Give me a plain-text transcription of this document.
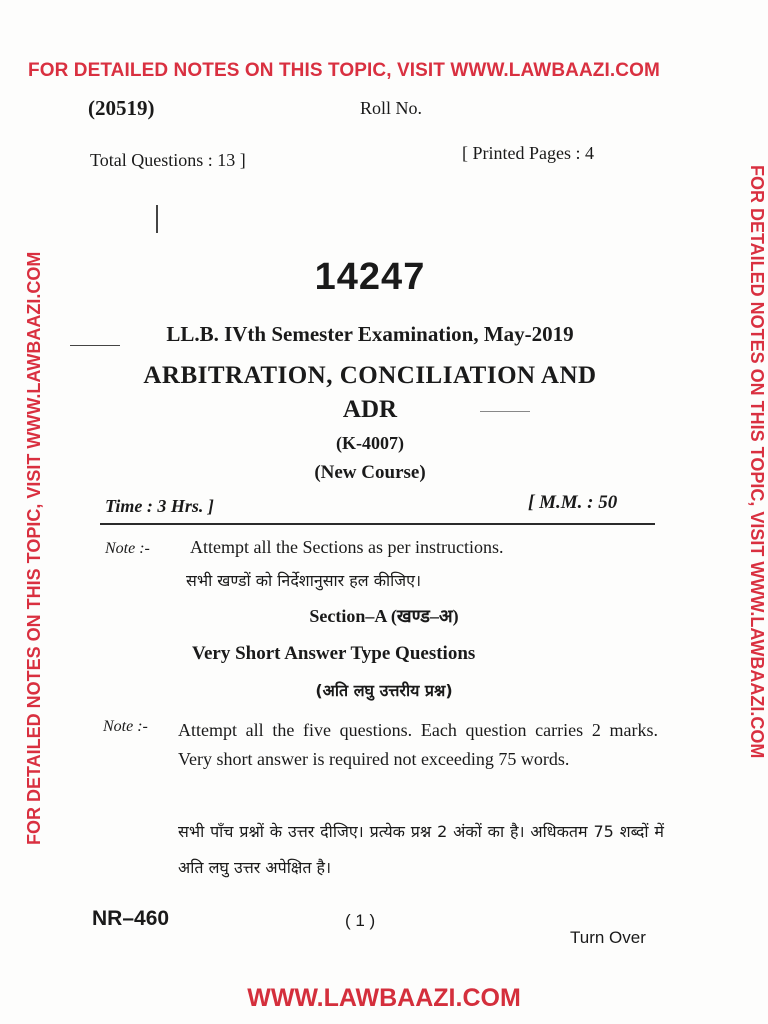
FOR DETAILED NOTES ON THIS TOPIC, VISIT WWW.LAWBAAZI.COM
FOR DETAILED NOTES ON THIS TOPIC, VISIT WWW.LAWBAAZI.COM	FOR DETAILED NOTES ON THIS TOPIC, VISIT WWW.LAWBAAZI.COM
(20519)	Roll No.
Total Questions : 13 ]	[ Printed Pages : 4
14247
LL.B. IVth Semester Examination, May-2019
ARBITRATION, CONCILIATION AND
ADR
(K-4007)
(New Course)
Time : 3 Hrs. ]	[ M.M. : 50
Note :- Attempt all the Sections as per instructions.
सभी खण्डों को निर्देशानुसार हल कीजिए।
Section–A (खण्ड–अ)
Very Short Answer Type Questions
(अति लघु उत्तरीय प्रश्न)
Note :- Attempt all the five questions. Each question carries 2 marks. Very short answer is required not exceeding 75 words.
सभी पाँच प्रश्नों के उत्तर दीजिए। प्रत्येक प्रश्न 2 अंकों का है। अधिकतम 75 शब्दों में अति लघु उत्तर अपेक्षित है।
NR–460	( 1 )
Turn Over
WWW.LAWBAAZI.COM
